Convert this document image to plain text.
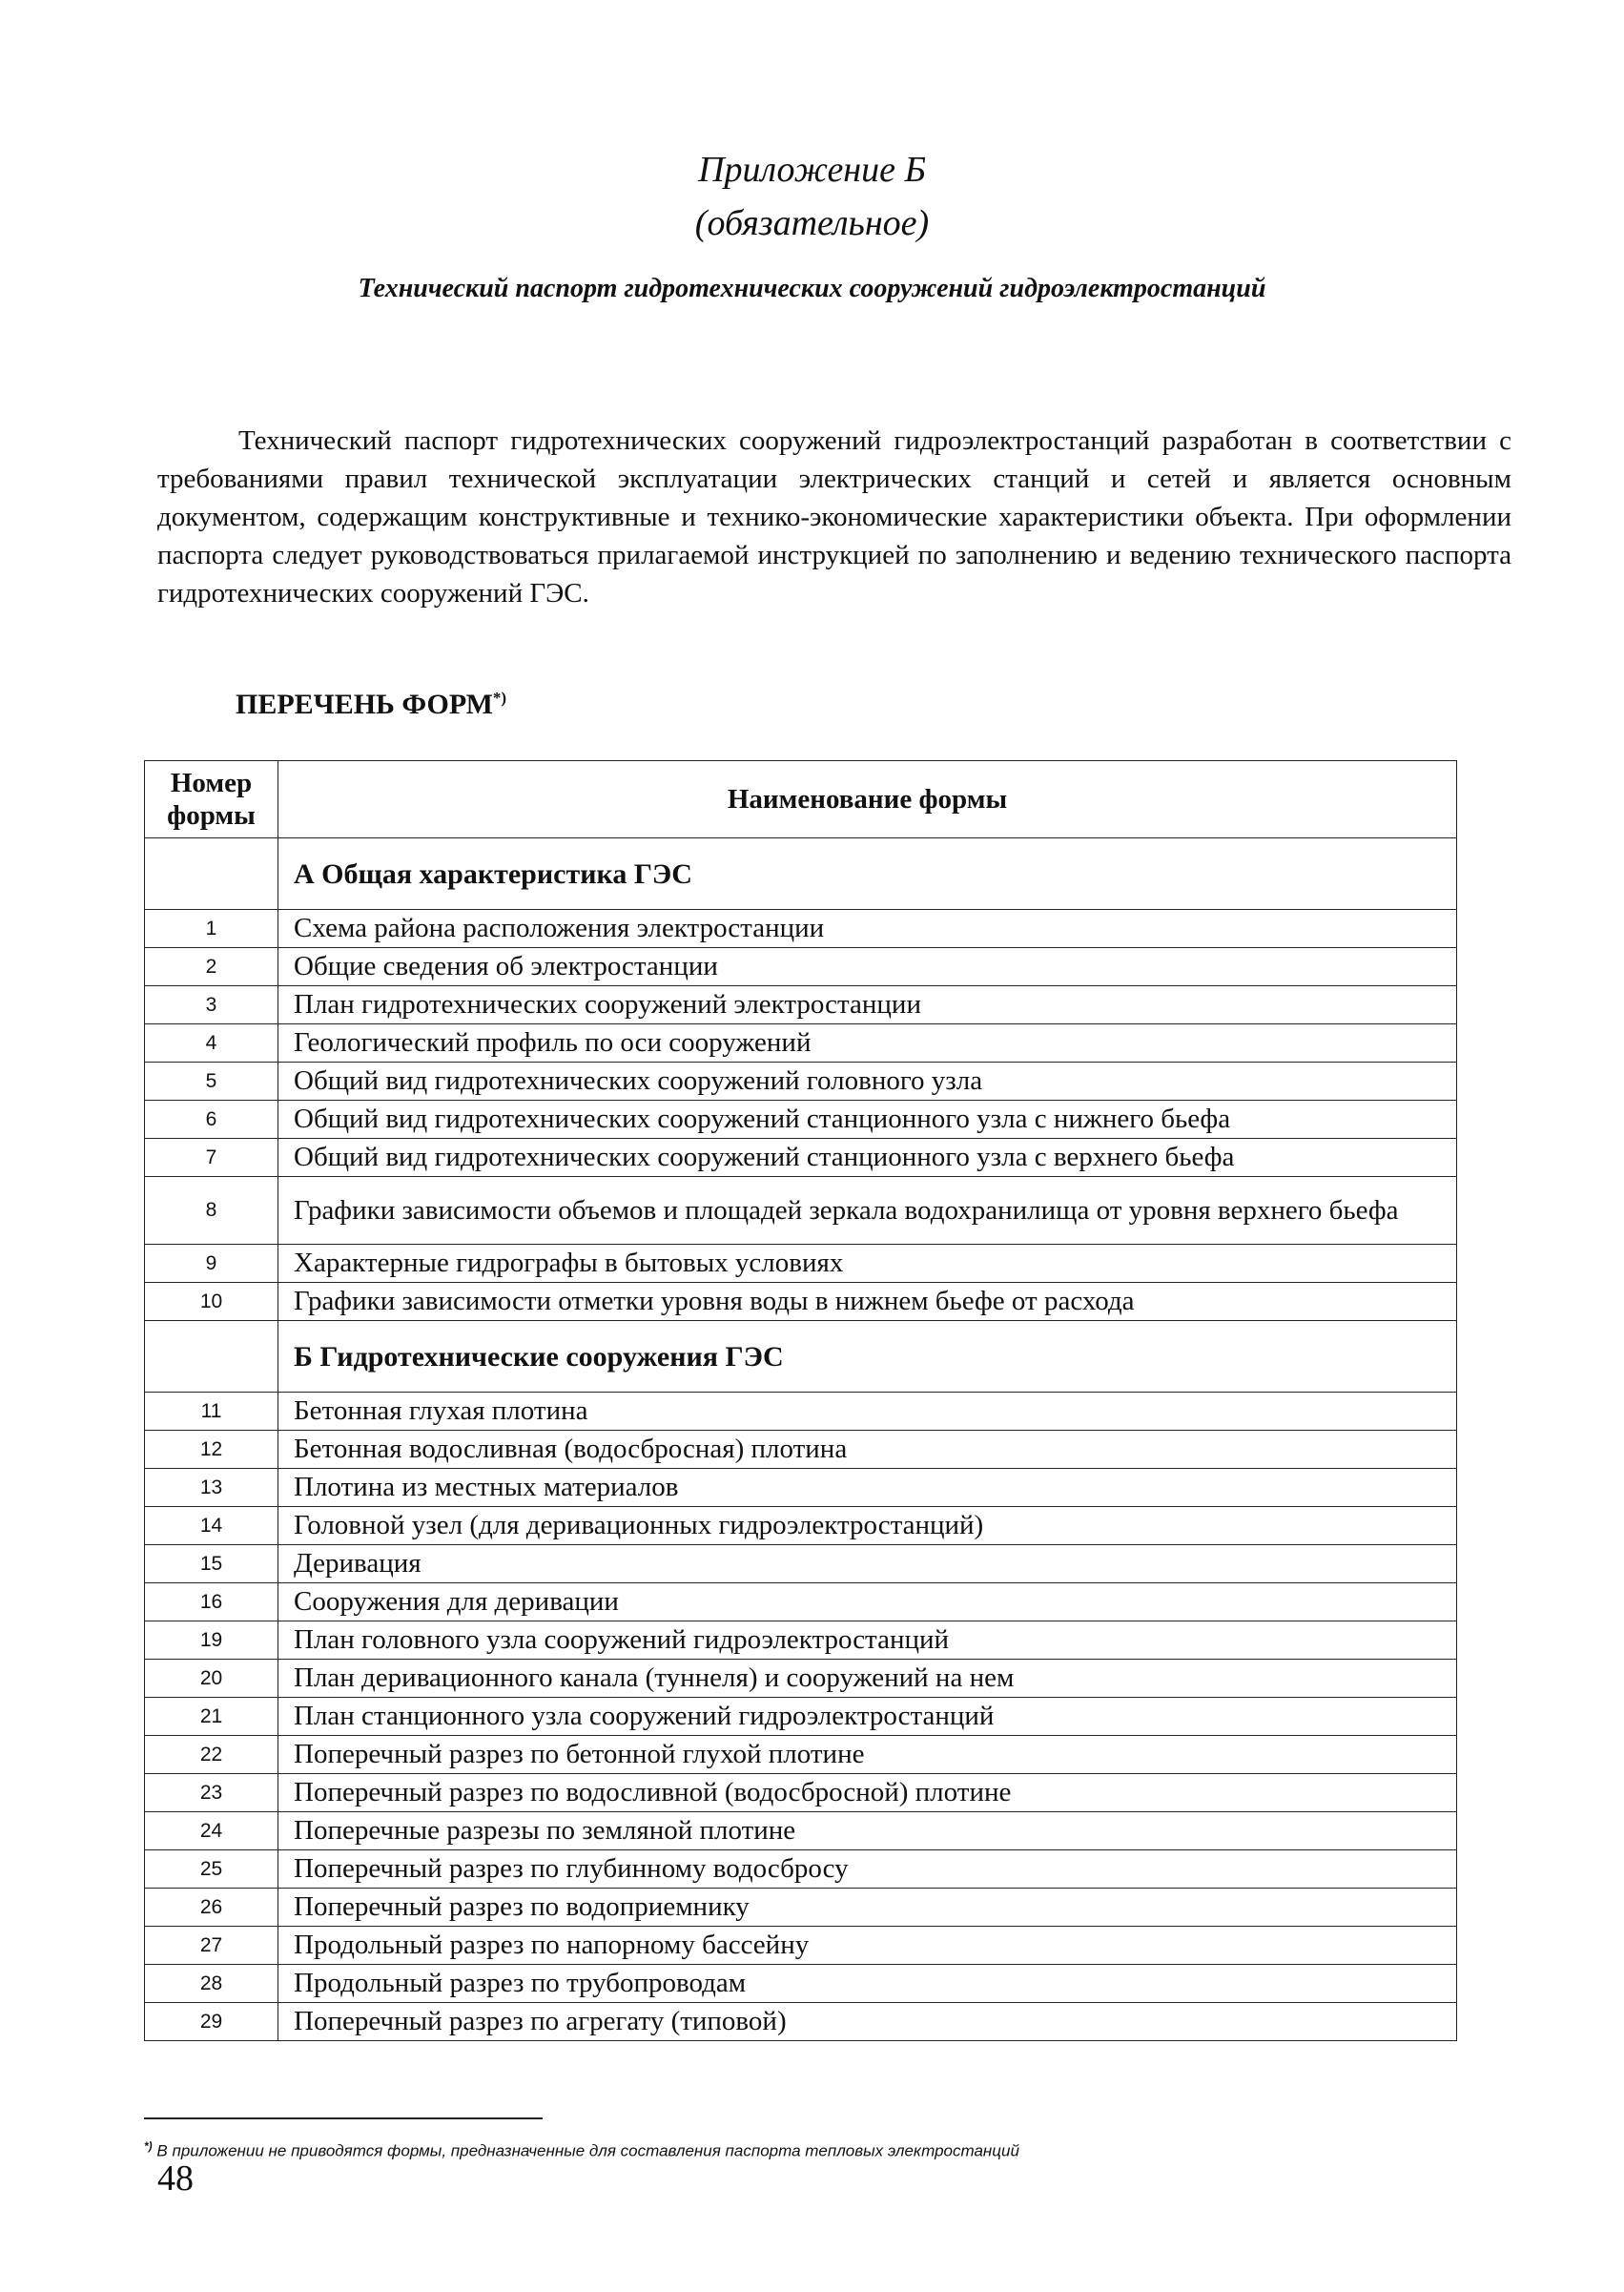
Приложение Б
(обязательное)

Технический паспорт гидротехнических сооружений гидроэлектростанций

Технический паспорт гидротехнических сооружений гидроэлектростанций разработан в соответствии с требованиями правил технической эксплуатации электрических станций и сетей и является основным документом, содержащим конструктивные и технико-экономические характеристики объекта. При оформлении паспорта следует руководствоваться прилагаемой инструкцией по заполнению и ведению технического паспорта гидротехнических сооружений ГЭС.

ПЕРЕЧЕНЬ ФОРМ*)

Номер формы	Наименование формы
	А Общая характеристика ГЭС
1	Схема района расположения электростанции
2	Общие сведения об электростанции
3	План гидротехнических сооружений электростанции
4	Геологический профиль по оси сооружений
5	Общий вид гидротехнических сооружений головного узла
6	Общий вид гидротехнических сооружений станционного узла с нижнего бьефа
7	Общий вид гидротехнических сооружений станционного узла с верхнего бьефа
8	Графики зависимости объемов и площадей зеркала водохранилища от уровня верхнего бьефа
9	Характерные гидрографы в бытовых условиях
10	Графики зависимости отметки уровня воды в нижнем бьефе от расхода
	Б Гидротехнические сооружения ГЭС
11	Бетонная глухая плотина
12	Бетонная водосливная (водосбросная) плотина
13	Плотина из местных материалов
14	Головной узел (для деривационных гидроэлектростанций)
15	Деривация
16	Сооружения для деривации
19	План головного узла сооружений гидроэлектростанций
20	План деривационного канала (туннеля) и сооружений на нем
21	План станционного узла сооружений гидроэлектростанций
22	Поперечный разрез по бетонной глухой плотине
23	Поперечный разрез по водосливной (водосбросной) плотине
24	Поперечные разрезы по земляной плотине
25	Поперечный разрез по глубинному водосбросу
26	Поперечный разрез по водоприемнику
27	Продольный разрез по напорному бассейну
28	Продольный разрез по трубопроводам
29	Поперечный разрез по агрегату (типовой)

*) В приложении не приводятся формы, предназначенные для составления паспорта тепловых электростанций

48
